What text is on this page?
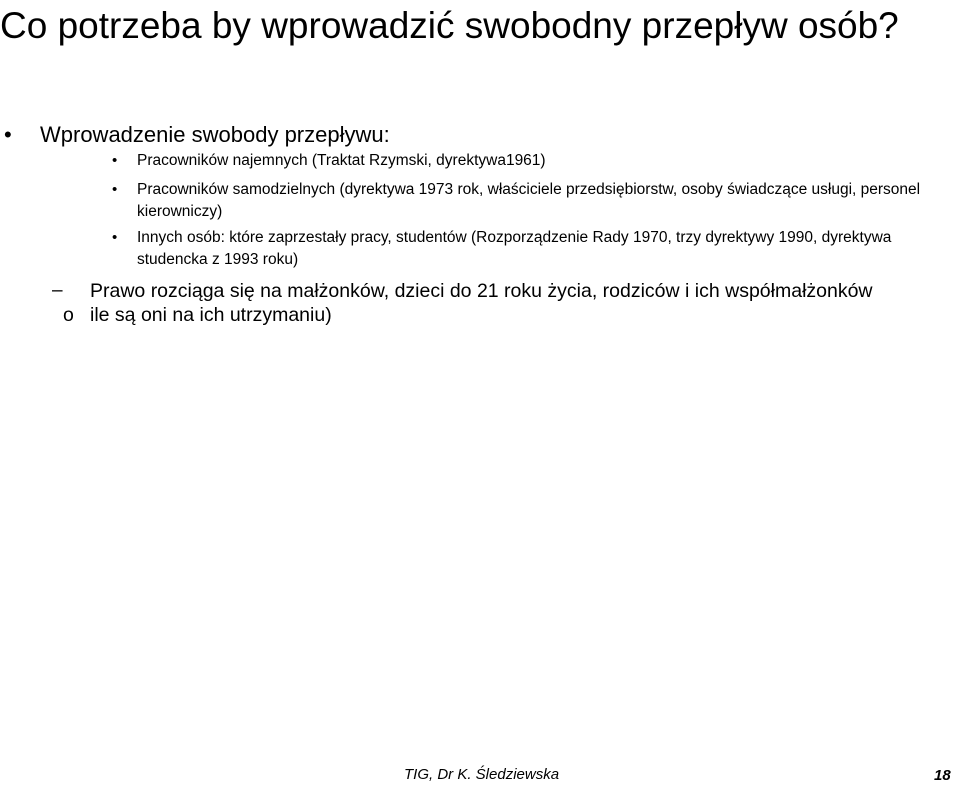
Co potrzeba by wprowadzić swobodny przepływ osób?
• Wprowadzenie swobody przepływu:
• Pracowników najemnych (Traktat Rzymski, dyrektywa1961)
• Pracowników samodzielnych (dyrektywa 1973 rok, właściciele przedsiębiorstw, osoby świadczące usługi, personel kierowniczy)
• Innych osób: które zaprzestały pracy, studentów (Rozporządzenie Rady 1970, trzy dyrektywy 1990, dyrektywa studencka z 1993 roku)
– Prawo rozciąga się na małżonków, dzieci do 21 roku życia, rodziców i ich współmałżonków
o ile są oni na ich utrzymaniu)
TIG, Dr K. Śledziewska	18
